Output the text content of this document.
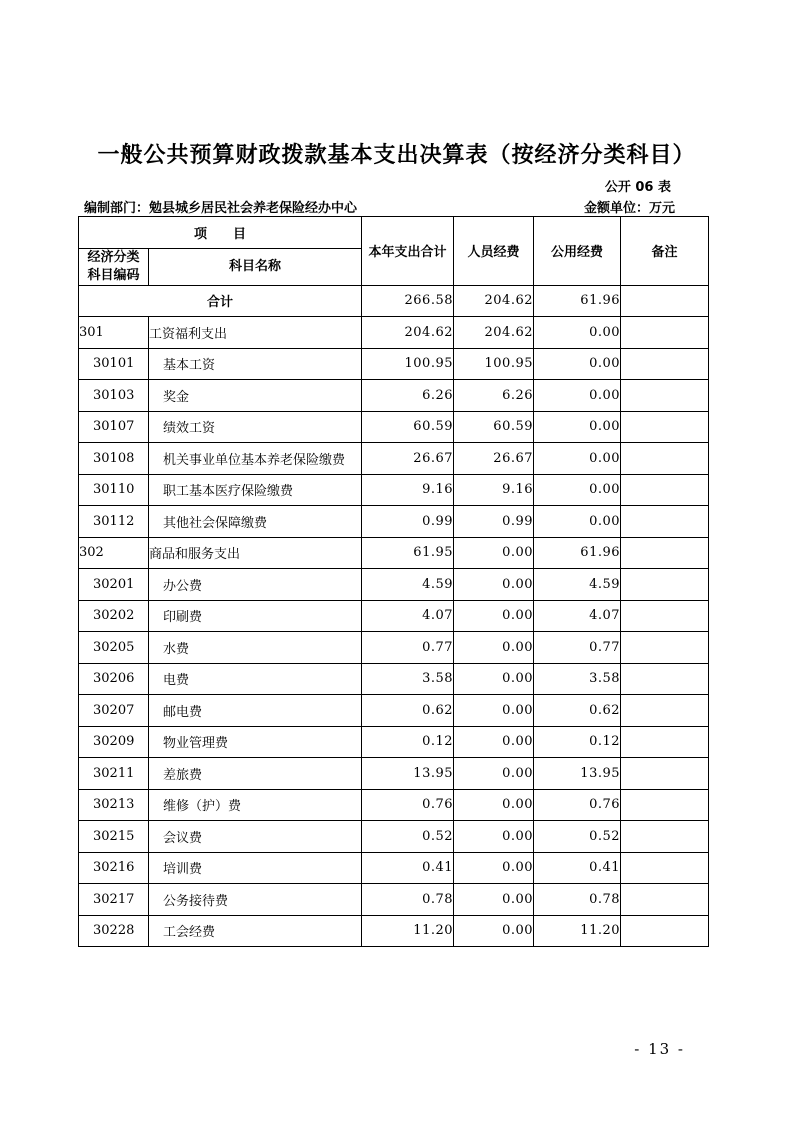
一般公共预算财政拨款基本支出决算表（按经济分类科目）
公开 06 表
编制部门：勉县城乡居民社会养老保险经办中心	金额单位：万元
项　　目		本年支出合计	人员经费	公用经费	备注

经济分类
科目编码	科目名称				
合计		266.58	204.62	61.96	
301	工资福利支出	204.62	204.62	0.00	
30101	基本工资	100.95	100.95	0.00	
30103	奖金	6.26	6.26	0.00	
30107	绩效工资	60.59	60.59	0.00	
30108	机关事业单位基本养老保险缴费	26.67	26.67	0.00	
30110	职工基本医疗保险缴费	9.16	9.16	0.00	
30112	其他社会保障缴费	0.99	0.99	0.00	
302	商品和服务支出	61.95	0.00	61.96	
30201	办公费	4.59	0.00	4.59	
30202	印刷费	4.07	0.00	4.07	
30205	水费	0.77	0.00	0.77	
30206	电费	3.58	0.00	3.58	
30207	邮电费	0.62	0.00	0.62	
30209	物业管理费	0.12	0.00	0.12	
30211	差旅费	13.95	0.00	13.95	
30213	维修（护）费	0.76	0.00	0.76	
30215	会议费	0.52	0.00	0.52	
30216	培训费	0.41	0.00	0.41	
30217	公务接待费	0.78	0.00	0.78	
30228	工会经费	11.20	0.00	11.20	
- 13 -
